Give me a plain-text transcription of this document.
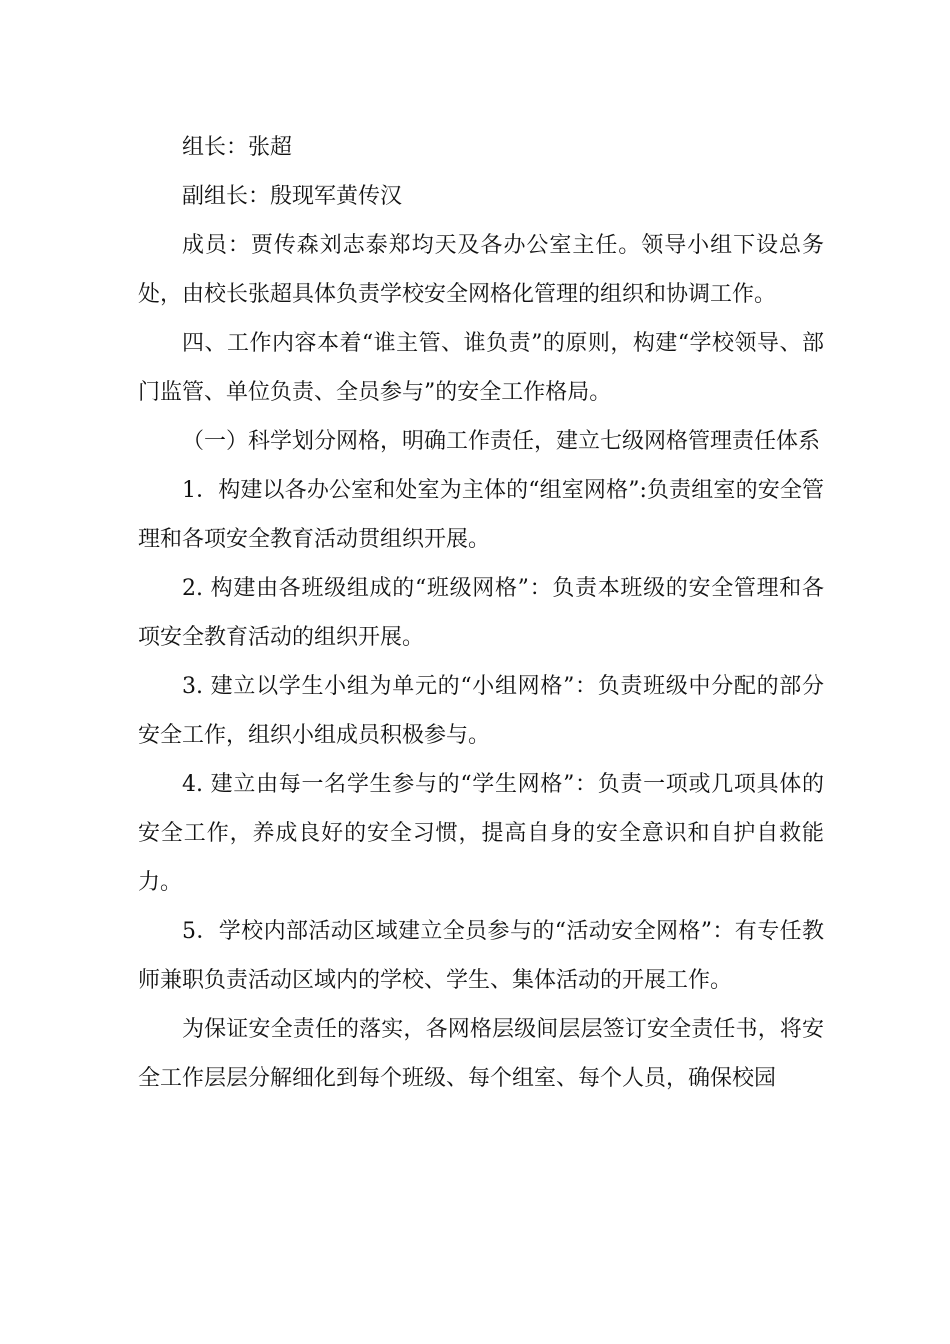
组长：张超

副组长：殷现军黄传汉

成员：贾传森刘志泰郑均天及各办公室主任。领导小组下设总务处，由校长张超具体负责学校安全网格化管理的组织和协调工作。

四、工作内容本着“谁主管、谁负责”的原则，构建“学校领导、部门监管、单位负责、全员参与”的安全工作格局。

（一）科学划分网格，明确工作责任，建立七级网格管理责任体系

1．构建以各办公室和处室为主体的“组室网格”:负责组室的安全管理和各项安全教育活动贯组织开展。

2. 构建由各班级组成的“班级网格”：负责本班级的安全管理和各项安全教育活动的组织开展。

3. 建立以学生小组为单元的“小组网格”：负责班级中分配的部分安全工作，组织小组成员积极参与。

4. 建立由每一名学生参与的“学生网格”：负责一项或几项具体的安全工作，养成良好的安全习惯，提高自身的安全意识和自护自救能力。

5．学校内部活动区域建立全员参与的“活动安全网格”：有专任教师兼职负责活动区域内的学校、学生、集体活动的开展工作。

为保证安全责任的落实，各网格层级间层层签订安全责任书，将安全工作层层分解细化到每个班级、每个组室、每个人员，确保校园
